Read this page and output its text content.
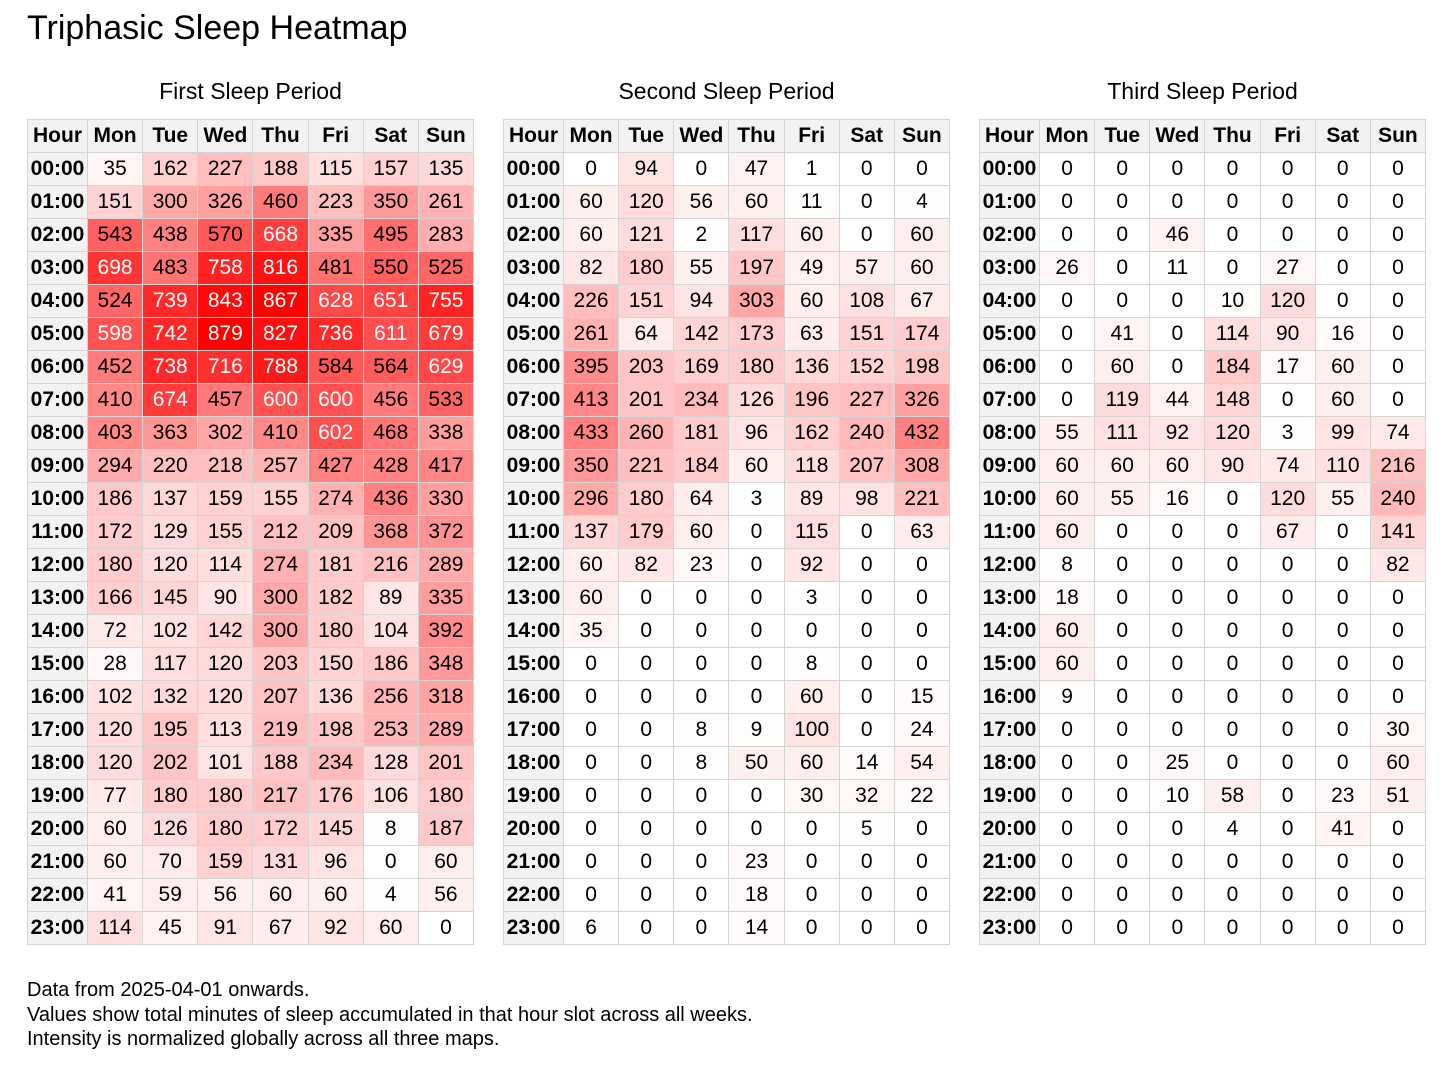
Triphasic Sleep Heatmap
First Sleep Period
Hour	Mon	Tue	Wed	Thu	Fri	Sat	Sun
00:00	35	162	227	188	115	157	135
01:00	151	300	326	460	223	350	261
02:00	543	438	570	668	335	495	283
03:00	698	483	758	816	481	550	525
04:00	524	739	843	867	628	651	755
05:00	598	742	879	827	736	611	679
06:00	452	738	716	788	584	564	629
07:00	410	674	457	600	600	456	533
08:00	403	363	302	410	602	468	338
09:00	294	220	218	257	427	428	417
10:00	186	137	159	155	274	436	330
11:00	172	129	155	212	209	368	372
12:00	180	120	114	274	181	216	289
13:00	166	145	90	300	182	89	335
14:00	72	102	142	300	180	104	392
15:00	28	117	120	203	150	186	348
16:00	102	132	120	207	136	256	318
17:00	120	195	113	219	198	253	289
18:00	120	202	101	188	234	128	201
19:00	77	180	180	217	176	106	180
20:00	60	126	180	172	145	8	187
21:00	60	70	159	131	96	0	60
22:00	41	59	56	60	60	4	56
23:00	114	45	91	67	92	60	0
Second Sleep Period
Hour	Mon	Tue	Wed	Thu	Fri	Sat	Sun
00:00	0	94	0	47	1	0	0
01:00	60	120	56	60	11	0	4
02:00	60	121	2	117	60	0	60
03:00	82	180	55	197	49	57	60
04:00	226	151	94	303	60	108	67
05:00	261	64	142	173	63	151	174
06:00	395	203	169	180	136	152	198
07:00	413	201	234	126	196	227	326
08:00	433	260	181	96	162	240	432
09:00	350	221	184	60	118	207	308
10:00	296	180	64	3	89	98	221
11:00	137	179	60	0	115	0	63
12:00	60	82	23	0	92	0	0
13:00	60	0	0	0	3	0	0
14:00	35	0	0	0	0	0	0
15:00	0	0	0	0	8	0	0
16:00	0	0	0	0	60	0	15
17:00	0	0	8	9	100	0	24
18:00	0	0	8	50	60	14	54
19:00	0	0	0	0	30	32	22
20:00	0	0	0	0	0	5	0
21:00	0	0	0	23	0	0	0
22:00	0	0	0	18	0	0	0
23:00	6	0	0	14	0	0	0
Third Sleep Period
Hour	Mon	Tue	Wed	Thu	Fri	Sat	Sun
00:00	0	0	0	0	0	0	0
01:00	0	0	0	0	0	0	0
02:00	0	0	46	0	0	0	0
03:00	26	0	11	0	27	0	0
04:00	0	0	0	10	120	0	0
05:00	0	41	0	114	90	16	0
06:00	0	60	0	184	17	60	0
07:00	0	119	44	148	0	60	0
08:00	55	111	92	120	3	99	74
09:00	60	60	60	90	74	110	216
10:00	60	55	16	0	120	55	240
11:00	60	0	0	0	67	0	141
12:00	8	0	0	0	0	0	82
13:00	18	0	0	0	0	0	0
14:00	60	0	0	0	0	0	0
15:00	60	0	0	0	0	0	0
16:00	9	0	0	0	0	0	0
17:00	0	0	0	0	0	0	30
18:00	0	0	25	0	0	0	60
19:00	0	0	10	58	0	23	51
20:00	0	0	0	4	0	41	0
21:00	0	0	0	0	0	0	0
22:00	0	0	0	0	0	0	0
23:00	0	0	0	0	0	0	0
Data from 2025-04-01 onwards.
Values show total minutes of sleep accumulated in that hour slot across all weeks.
Intensity is normalized globally across all three maps.
